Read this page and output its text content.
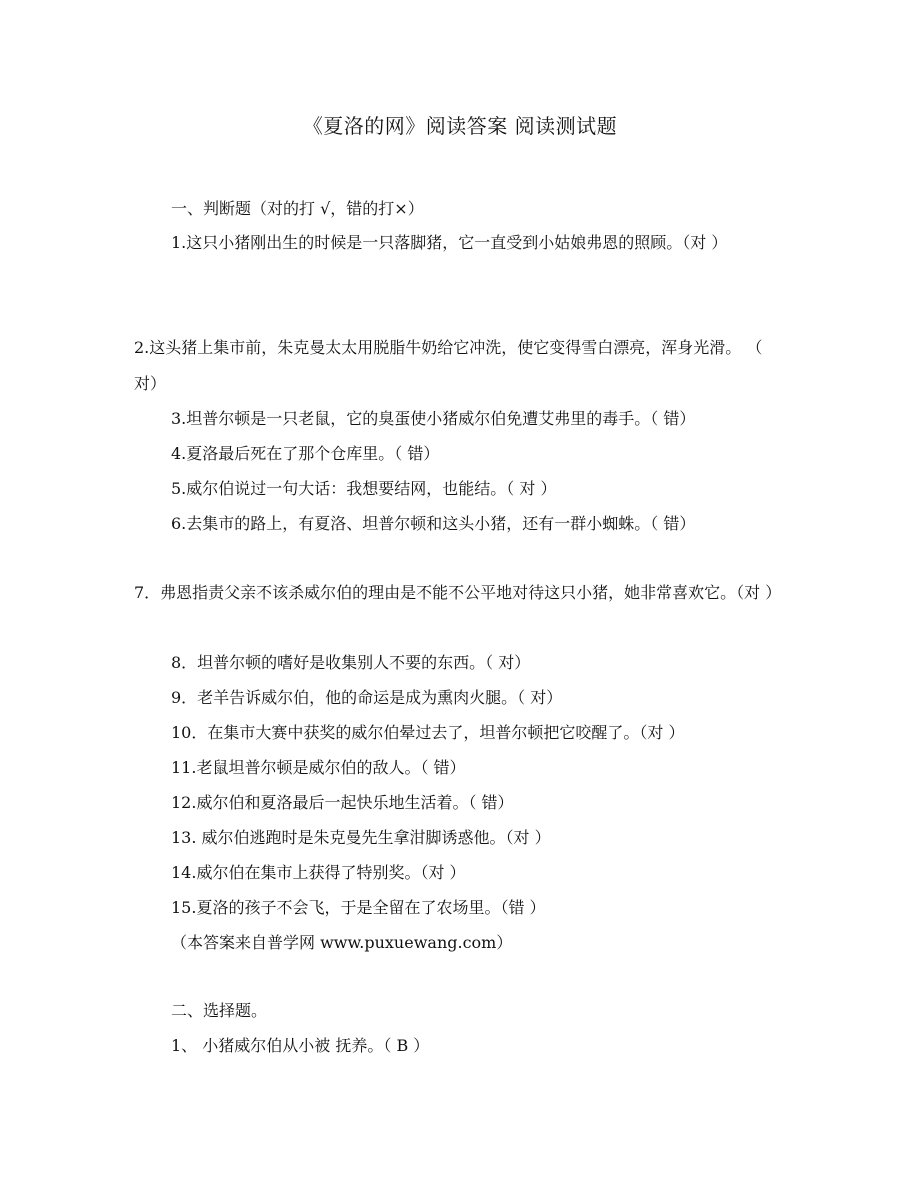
《夏洛的网》阅读答案 阅读测试题
一、判断题（对的打 √，错的打×）
1.这只小猪刚出生的时候是一只落脚猪，它一直受到小姑娘弗恩的照顾。（对 ）
2.这头猪上集市前，朱克曼太太用脱脂牛奶给它冲洗，使它变得雪白漂亮，浑身光滑。 （ 对）
3.坦普尔顿是一只老鼠，它的臭蛋使小猪威尔伯免遭艾弗里的毒手。（ 错）
4.夏洛最后死在了那个仓库里。（ 错）
5.威尔伯说过一句大话：我想要结网，也能结。（ 对 ）
6.去集市的路上，有夏洛、坦普尔顿和这头小猪，还有一群小蜘蛛。（ 错）
7．弗恩指责父亲不该杀威尔伯的理由是不能不公平地对待这只小猪，她非常喜欢它。（对 ）
8．坦普尔顿的嗜好是收集别人不要的东西。（ 对）
9．老羊告诉威尔伯，他的命运是成为熏肉火腿。（ 对）
10．在集市大赛中获奖的威尔伯晕过去了，坦普尔顿把它咬醒了。（对 ）
11.老鼠坦普尔顿是威尔伯的敌人。（ 错）
12.威尔伯和夏洛最后一起快乐地生活着。（ 错）
13. 威尔伯逃跑时是朱克曼先生拿泔脚诱惑他。（对 ）
14.威尔伯在集市上获得了特别奖。（对 ）
15.夏洛的孩子不会飞，于是全留在了农场里。（错 ）
（本答案来自普学网 www.puxuewang.com）
二、选择题。
1、 小猪威尔伯从小被 抚养。（ B ）
